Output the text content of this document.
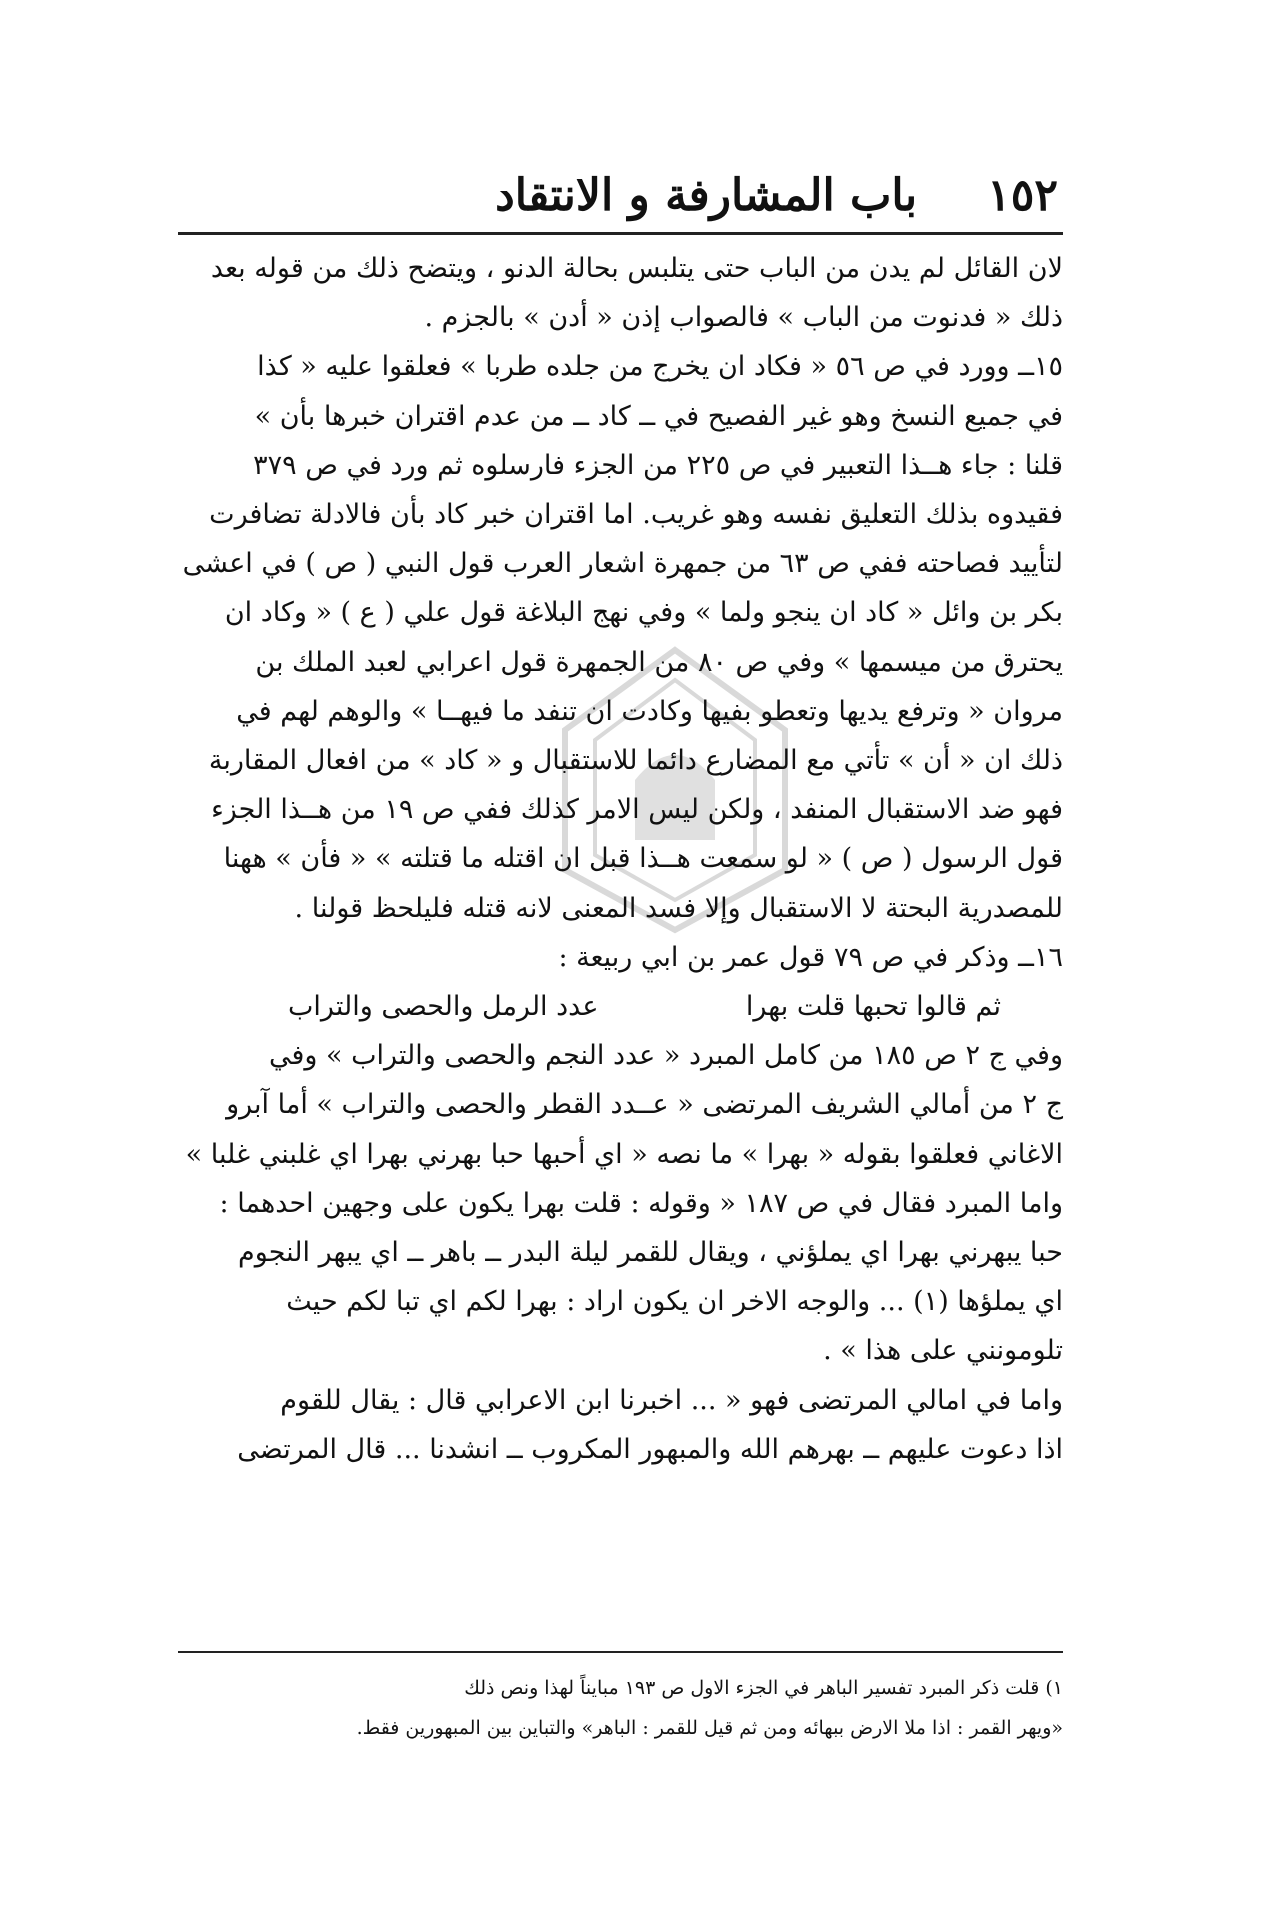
١٥٢
باب المشارفة و الانتقاد

لان القائل لم يدن من الباب حتى يتلبس بحالة الدنو ، ويتضح ذلك من قوله بعد

ذلك « فدنوت من الباب » فالصواب إذن « أدن » بالجزم .

١٥ــ وورد في ص ٥٦ « فكاد ان يخرج من جلده طربا » فعلقوا عليه « كذا

في جميع النسخ وهو غير الفصيح في ــ كاد ــ من عدم اقتران خبرها بأن »

قلنا : جاء هــذا التعبير في ص ٢٢٥ من الجزء فارسلوه ثم ورد في ص ٣٧٩

فقيدوه بذلك التعليق نفسه وهو غريب. اما اقتران خبر كاد بأن فالادلة تضافرت

لتأييد فصاحته ففي ص ٦٣ من جمهرة اشعار العرب قول النبي ( ص ) في اعشى

بكر بن وائل « كاد ان ينجو ولما » وفي نهج البلاغة قول علي ( ع ) « وكاد ان

يحترق من ميسمها » وفي ص ٨٠ من الجمهرة قول اعرابي لعبد الملك بن

مروان « وترفع يديها وتعطو بفيها وكادت ان تنفد ما فيهــا » والوهم لهم في

ذلك ان « أن » تأتي مع المضارع دائما للاستقبال و « كاد » من افعال المقاربة

فهو ضد الاستقبال المنفد ، ولكن ليس الامر كذلك ففي ص ١٩ من هــذا الجزء

قول الرسول ( ص ) « لو سمعت هــذا قبل ان اقتله ما قتلته » « فأن » ههنا

للمصدرية البحتة لا الاستقبال وإلا فسد المعنى لانه قتله فليلحظ قولنا .

١٦ــ وذكر في ص ٧٩ قول عمر بن ابي ربيعة :

ثم قالوا تحبها قلت بهرا
عدد الرمل والحصى والتراب

وفي ج ٢ ص ١٨٥ من كامل المبرد « عدد النجم والحصى والتراب » وفي

ج ٢ من أمالي الشريف المرتضى « عــدد القطر والحصى والتراب » أما آبرو

الاغاني فعلقوا بقوله « بهرا » ما نصه « اي أحبها حبا بهرني بهرا اي غلبني غلبا »

واما المبرد فقال في ص ١٨٧ « وقوله : قلت بهرا يكون على وجهين احدهما :

حبا يبهرني بهرا اي يملؤني ، ويقال للقمر ليلة البدر ــ باهر ــ اي يبهر النجوم

اي يملؤها (١) ... والوجه الاخر ان يكون اراد : بهرا لكم اي تبا لكم حيث

تلومونني على هذا » .

واما في امالي المرتضى فهو « ... اخبرنا ابن الاعرابي قال : يقال للقوم

اذا دعوت عليهم ــ بهرهم الله والمبهور المكروب ــ انشدنا ... قال المرتضى

١) قلت ذكر المبرد تفسير الباهر في الجزء الاول ص ١٩٣ مبايناً لهذا ونص ذلك

«ويهر القمر : اذا ملا الارض ببهائه ومن ثم قيل للقمر : الباهر» والتباين بين المبهورين فقط.
